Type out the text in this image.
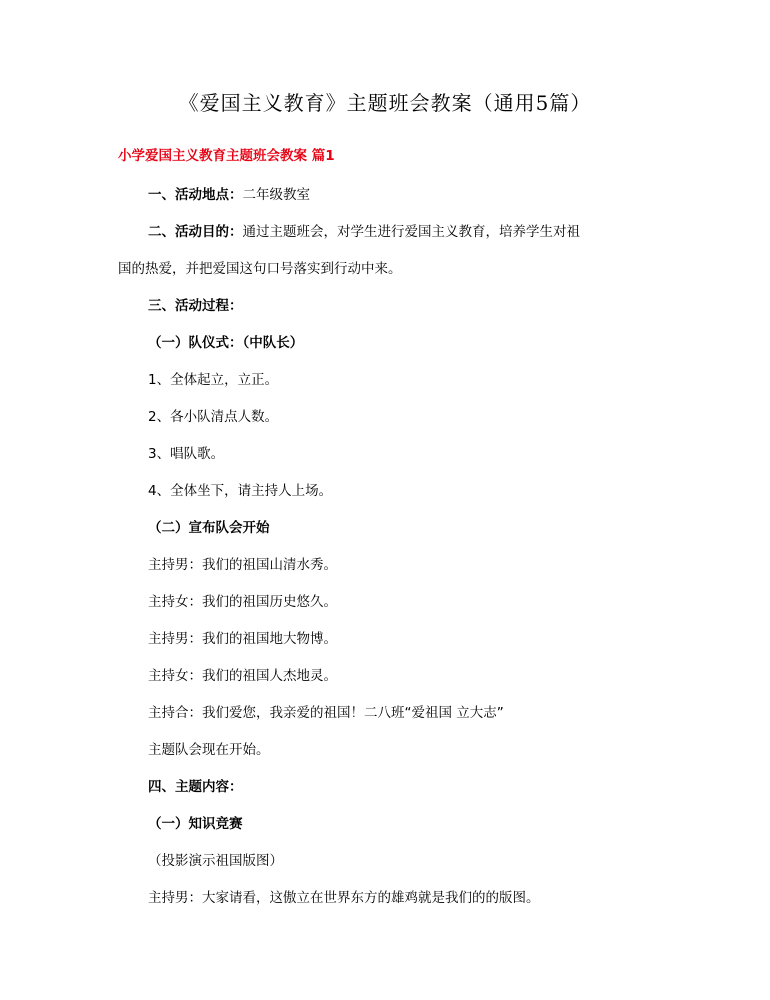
《爱国主义教育》主题班会教案（通用5篇）
小学爱国主义教育主题班会教案 篇1
一、活动地点：二年级教室
二、活动目的：通过主题班会，对学生进行爱国主义教育，培养学生对祖
国的热爱，并把爱国这句口号落实到行动中来。
三、活动过程：
（一）队仪式：（中队长）
1、全体起立，立正。
2、各小队清点人数。
3、唱队歌。
4、全体坐下，请主持人上场。
（二）宣布队会开始
主持男：我们的祖国山清水秀。
主持女：我们的祖国历史悠久。
主持男：我们的祖国地大物博。
主持女：我们的祖国人杰地灵。
主持合：我们爱您，我亲爱的祖国！二八班“爱祖国 立大志”
主题队会现在开始。
四、主题内容：
（一）知识竞赛
（投影演示祖国版图）
主持男：大家请看，这傲立在世界东方的雄鸡就是我们的的版图。
